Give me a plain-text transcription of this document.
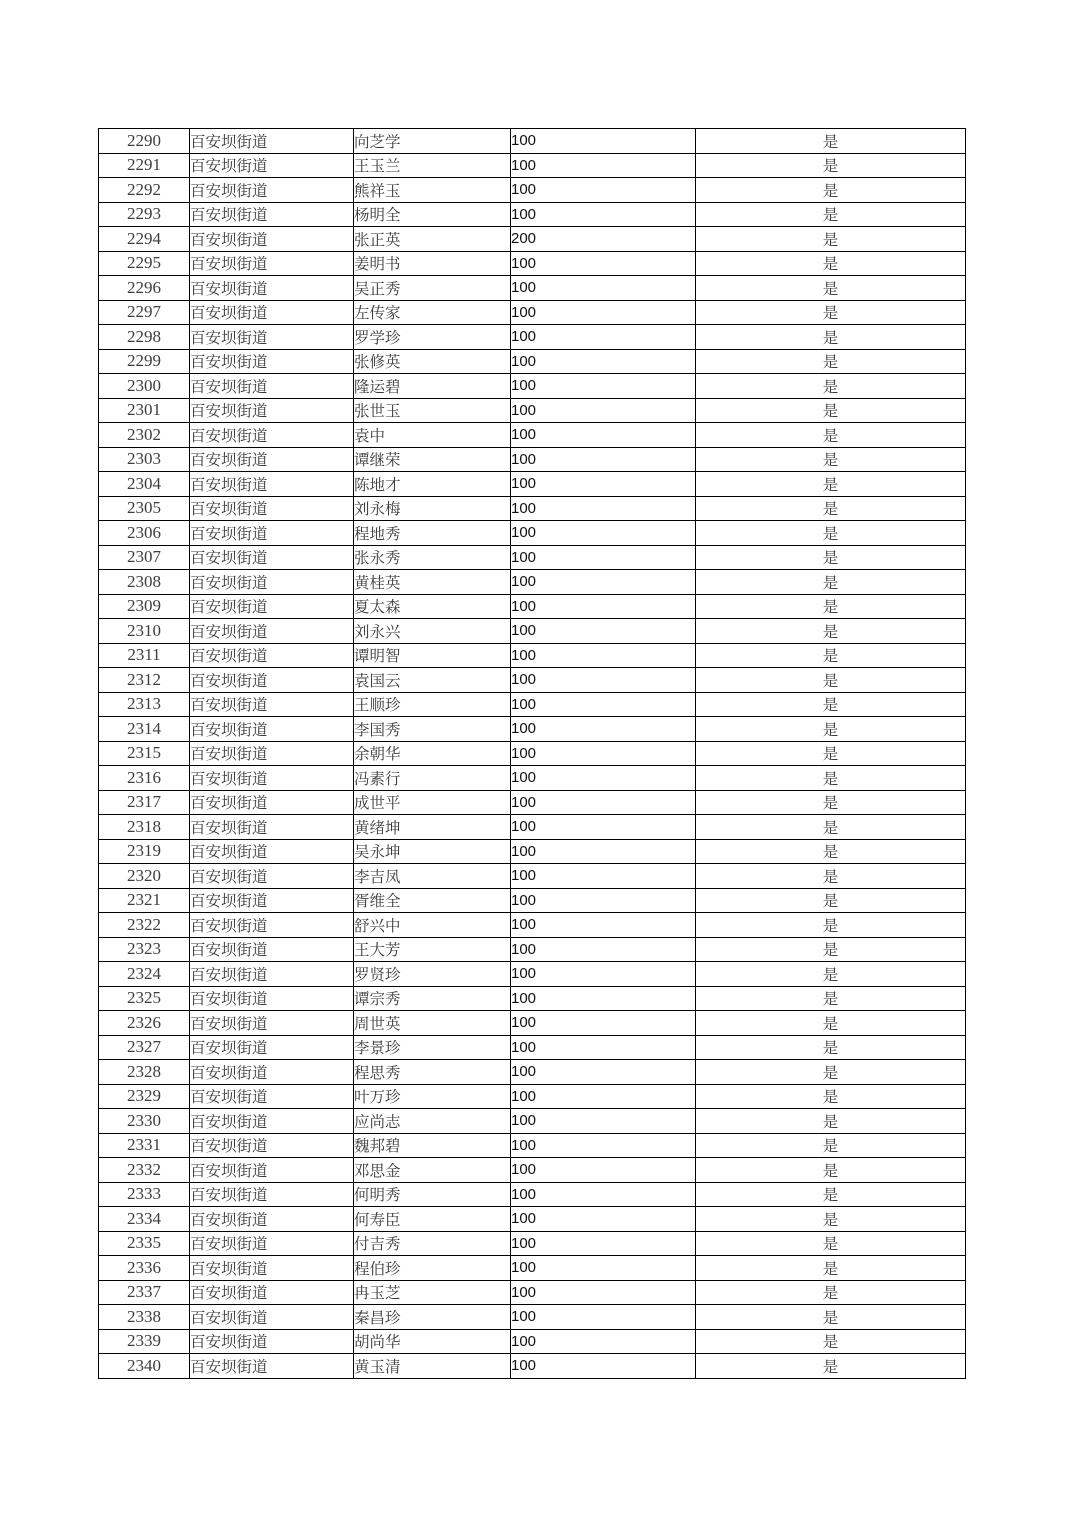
2290	百安坝街道	向芝学	100	是
2291	百安坝街道	王玉兰	100	是
2292	百安坝街道	熊祥玉	100	是
2293	百安坝街道	杨明全	100	是
2294	百安坝街道	张正英	200	是
2295	百安坝街道	姜明书	100	是
2296	百安坝街道	吴正秀	100	是
2297	百安坝街道	左传家	100	是
2298	百安坝街道	罗学珍	100	是
2299	百安坝街道	张修英	100	是
2300	百安坝街道	隆运碧	100	是
2301	百安坝街道	张世玉	100	是
2302	百安坝街道	袁中	100	是
2303	百安坝街道	谭继荣	100	是
2304	百安坝街道	陈地才	100	是
2305	百安坝街道	刘永梅	100	是
2306	百安坝街道	程地秀	100	是
2307	百安坝街道	张永秀	100	是
2308	百安坝街道	黄桂英	100	是
2309	百安坝街道	夏太森	100	是
2310	百安坝街道	刘永兴	100	是
2311	百安坝街道	谭明智	100	是
2312	百安坝街道	袁国云	100	是
2313	百安坝街道	王顺珍	100	是
2314	百安坝街道	李国秀	100	是
2315	百安坝街道	余朝华	100	是
2316	百安坝街道	冯素行	100	是
2317	百安坝街道	成世平	100	是
2318	百安坝街道	黄绪坤	100	是
2319	百安坝街道	吴永坤	100	是
2320	百安坝街道	李吉凤	100	是
2321	百安坝街道	胥维全	100	是
2322	百安坝街道	舒兴中	100	是
2323	百安坝街道	王大芳	100	是
2324	百安坝街道	罗贤珍	100	是
2325	百安坝街道	谭宗秀	100	是
2326	百安坝街道	周世英	100	是
2327	百安坝街道	李景珍	100	是
2328	百安坝街道	程思秀	100	是
2329	百安坝街道	叶万珍	100	是
2330	百安坝街道	应尚志	100	是
2331	百安坝街道	魏邦碧	100	是
2332	百安坝街道	邓思金	100	是
2333	百安坝街道	何明秀	100	是
2334	百安坝街道	何寿臣	100	是
2335	百安坝街道	付吉秀	100	是
2336	百安坝街道	程伯珍	100	是
2337	百安坝街道	冉玉芝	100	是
2338	百安坝街道	秦昌珍	100	是
2339	百安坝街道	胡尚华	100	是
2340	百安坝街道	黄玉清	100	是
